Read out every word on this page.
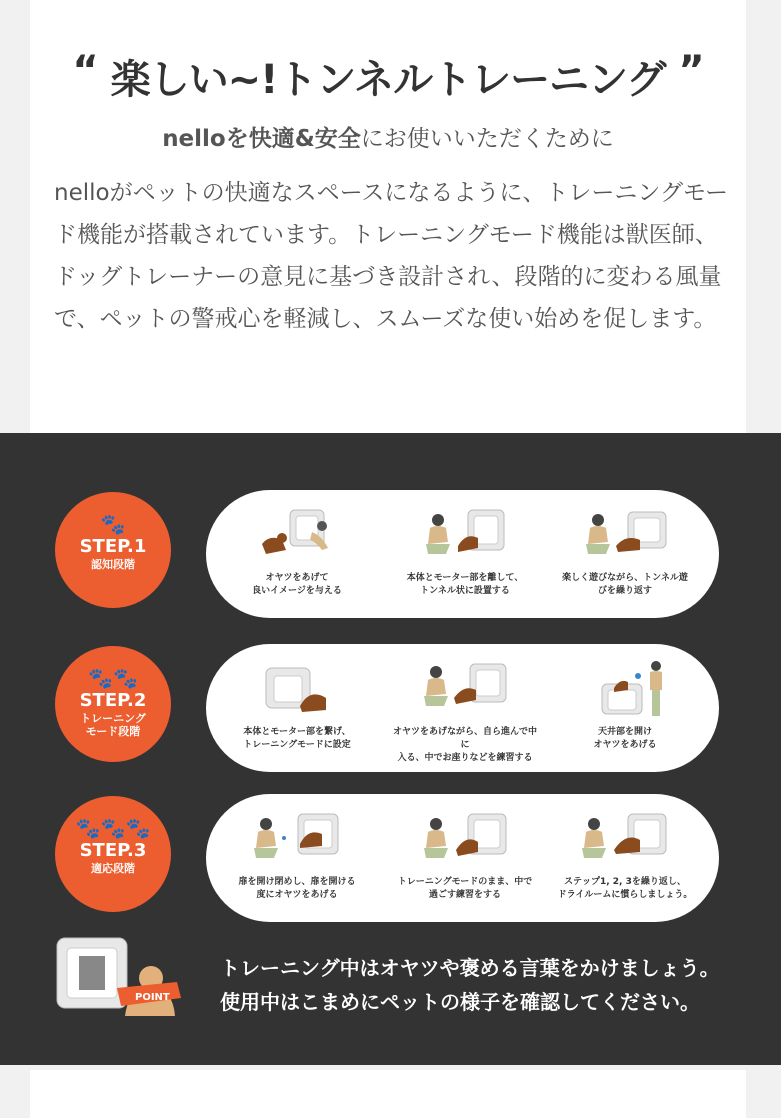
“ 楽しい~!トンネルトレーニング ”
nelloを快適&安全にお使いいただくために
nelloがペットの快適なスペースになるように、トレーニングモード機能が搭載されています。トレーニングモード機能は獣医師、ドッグトレーナーの意見に基づき設計され、段階的に変わる風量で、ペットの警戒心を軽減し、スムーズな使い始めを促します。
🐾
STEP.1
認知段階
オヤツをあげて
良いイメージを与える
本体とモーター部を離して、
トンネル状に設置する
楽しく遊びながら、トンネル遊
びを繰り返す
🐾🐾
STEP.2
トレーニング
モード段階	本体とモーター部を繋げ、
トレーニングモードに設定
オヤツをあげながら、自ら進んで中に
入る、中でお座りなどを練習する
天井部を開け
オヤツをあげる
🐾🐾🐾
STEP.3
適応段階
扉を開け閉めし、扉を開ける
度にオヤツをあげる
トレーニングモードのまま、中で
過ごす練習をする
ステップ1, 2, 3を繰り返し、
ドライルームに慣らしましょう。
POINT
トレーニング中はオヤツや褒める言葉をかけましょう。
使用中はこまめにペットの様子を確認してください。
